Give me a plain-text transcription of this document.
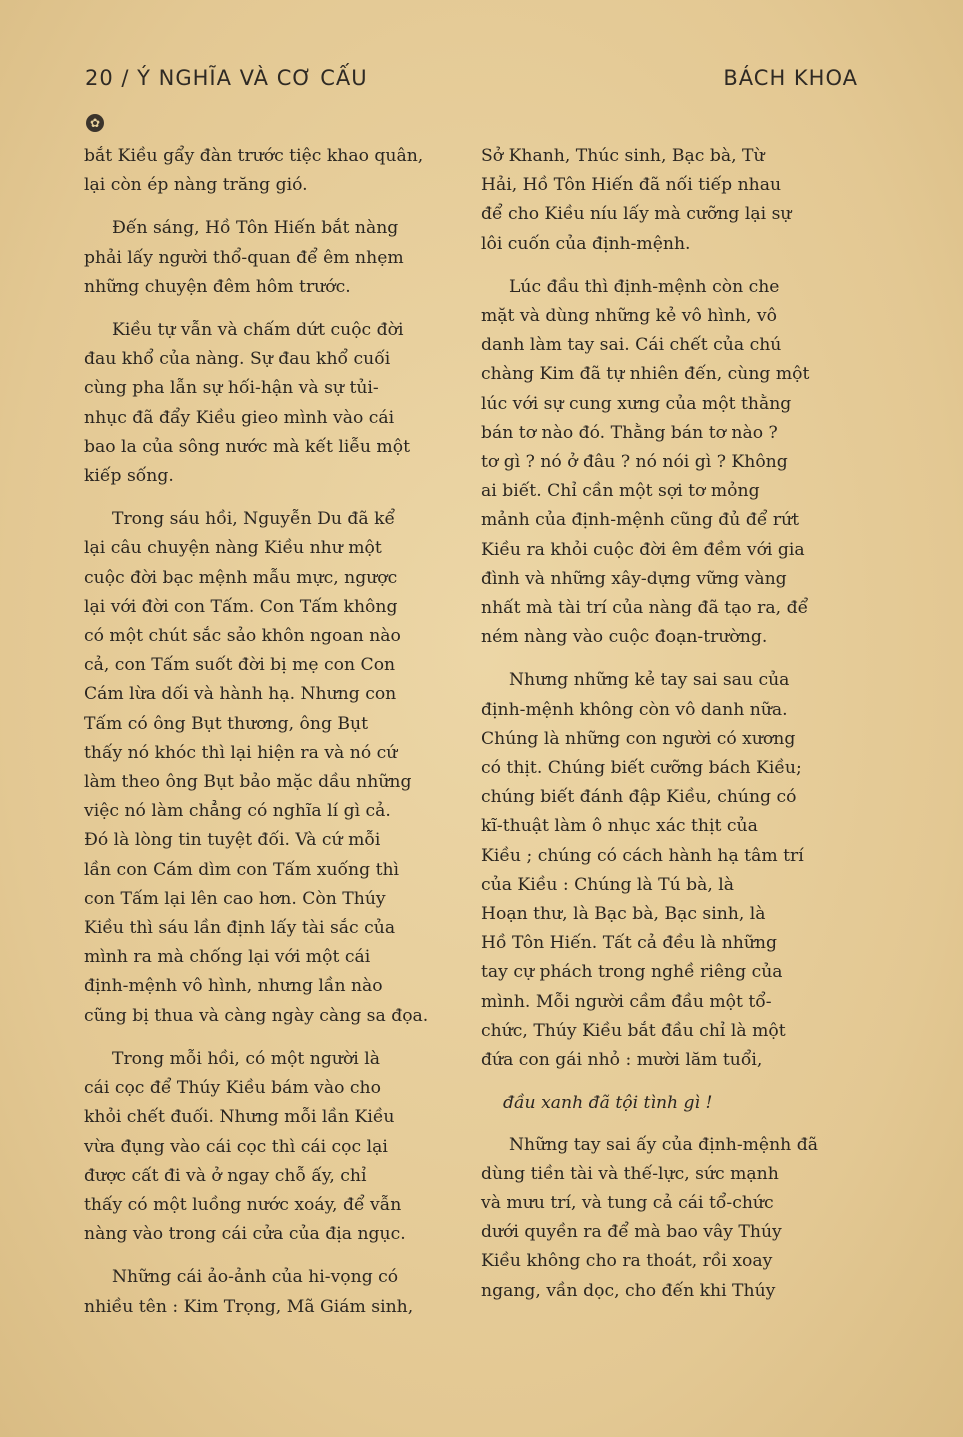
20 / Ý NGHĨA VÀ CƠ CẤU	BÁCH KHOA
✿
bắt Kiều gẩy đàn trước tiệc khao quân,
lại còn ép nàng trăng gió.
Đến sáng, Hồ Tôn Hiến bắt nàng
phải lấy người thổ-quan để êm nhẹm
những chuyện đêm hôm trước.
Kiều tự vẫn và chấm dứt cuộc đời
đau khổ của nàng. Sự đau khổ cuối
cùng pha lẫn sự hối-hận và sự tủi-
nhục đã đẩy Kiều gieo mình vào cái
bao la của sông nước mà kết liễu một
kiếp sống.
Trong sáu hồi, Nguyễn Du đã kể
lại câu chuyện nàng Kiều như một
cuộc đời bạc mệnh mẫu mực, ngược
lại với đời con Tấm. Con Tấm không
có một chút sắc sảo khôn ngoan nào
cả, con Tấm suốt đời bị mẹ con Con
Cám lừa dối và hành hạ. Nhưng con
Tấm có ông Bụt thương, ông Bụt
thấy nó khóc thì lại hiện ra và nó cứ
làm theo ông Bụt bảo mặc dầu những
việc nó làm chẳng có nghĩa lí gì cả.
Đó là lòng tin tuyệt đối. Và cứ mỗi
lần con Cám dìm con Tấm xuống thì
con Tấm lại lên cao hơn. Còn Thúy
Kiều thì sáu lần định lấy tài sắc của
mình ra mà chống lại với một cái
định-mệnh vô hình, nhưng lần nào
cũng bị thua và càng ngày càng sa đọa.
Trong mỗi hồi, có một người là
cái cọc để Thúy Kiều bám vào cho
khỏi chết đuối. Nhưng mỗi lần Kiều
vừa đụng vào cái cọc thì cái cọc lại
được cất đi và ở ngay chỗ ấy, chỉ
thấy có một luồng nước xoáy, để vẫn
nàng vào trong cái cửa của địa ngục.
Những cái ảo-ảnh của hi-vọng có
nhiều tên : Kim Trọng, Mã Giám sinh,
Sở Khanh, Thúc sinh, Bạc bà, Từ
Hải, Hồ Tôn Hiến đã nối tiếp nhau
để cho Kiều níu lấy mà cưỡng lại sự
lôi cuốn của định-mệnh.
Lúc đầu thì định-mệnh còn che
mặt và dùng những kẻ vô hình, vô
danh làm tay sai. Cái chết của chú
chàng Kim đã tự nhiên đến, cùng một
lúc với sự cung xưng của một thằng
bán tơ nào đó. Thằng bán tơ nào ?
tơ gì ? nó ở đâu ? nó nói gì ? Không
ai biết. Chỉ cần một sợi tơ mỏng
mảnh của định-mệnh cũng đủ để rứt
Kiều ra khỏi cuộc đời êm đềm với gia
đình và những xây-dựng vững vàng
nhất mà tài trí của nàng đã tạo ra, để
ném nàng vào cuộc đoạn-trường.
Nhưng những kẻ tay sai sau của
định-mệnh không còn vô danh nữa.
Chúng là những con người có xương
có thịt. Chúng biết cưỡng bách Kiều;
chúng biết đánh đập Kiều, chúng có
kĩ-thuật làm ô nhục xác thịt của
Kiều ; chúng có cách hành hạ tâm trí
của Kiều : Chúng là Tú bà, là
Hoạn thư, là Bạc bà, Bạc sinh, là
Hồ Tôn Hiến. Tất cả đều là những
tay cự phách trong nghề riêng của
mình. Mỗi người cầm đầu một tổ-
chức, Thúy Kiều bắt đầu chỉ là một
đứa con gái nhỏ : mười lăm tuổi,
đầu xanh đã tội tình gì !
Những tay sai ấy của định-mệnh đã
dùng tiền tài và thế-lực, sức mạnh
và mưu trí, và tung cả cái tổ-chức
dưới quyền ra để mà bao vây Thúy
Kiều không cho ra thoát, rồi xoay
ngang, vần dọc, cho đến khi Thúy
